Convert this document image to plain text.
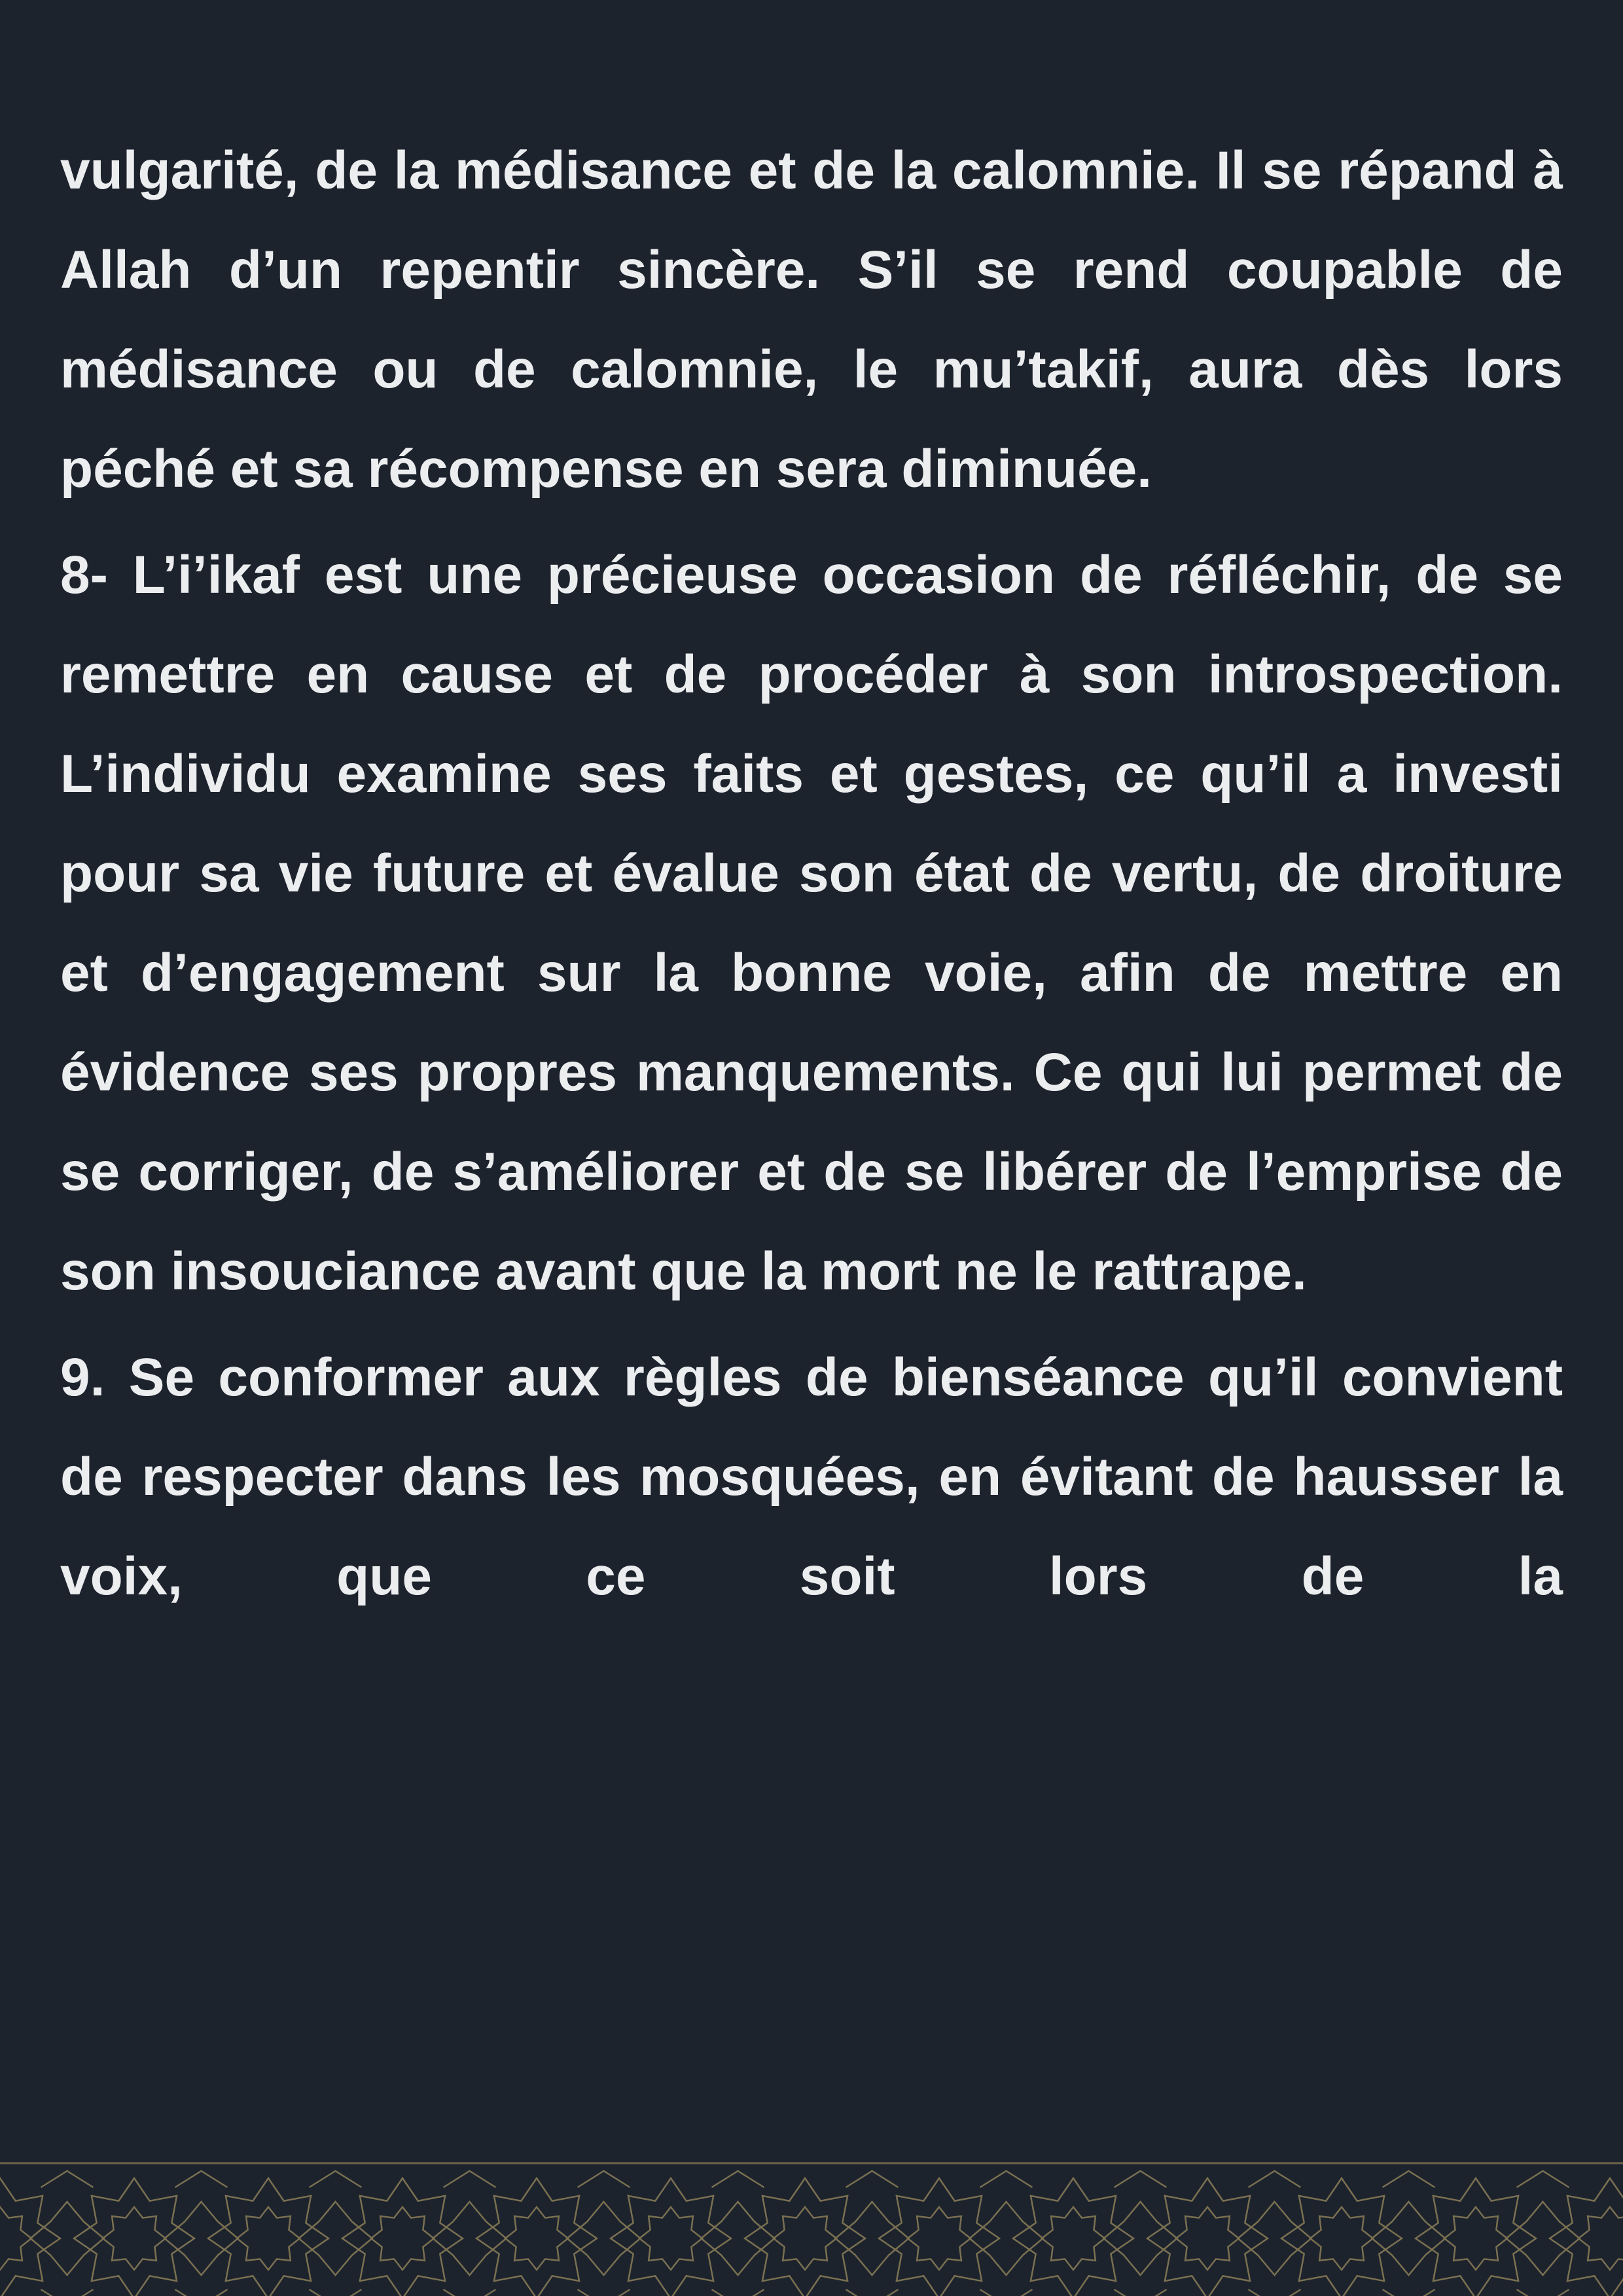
vulgarité, de la médisance et de la calomnie. Il se répand à Allah d’un repentir sincère. S’il se rend coupable de médisance ou de calomnie, le mu’takif, aura dès lors péché et sa récompense en sera diminuée.

8- L’i’ikaf est une précieuse occasion de réfléchir, de se remettre en cause et de procéder à son introspection. L’individu examine ses faits et gestes, ce qu’il a investi pour sa vie future et évalue son état de vertu, de droiture et d’engagement sur la bonne voie, afin de mettre en évidence ses propres manquements. Ce qui lui permet de se corriger, de s’améliorer et de se libérer de l’emprise de son insouciance avant que la mort ne le rattrape.

9. Se conformer aux règles de bienséance qu’il convient de respecter dans les mosquées, en évitant de hausser la voix, que ce soit lors de la
